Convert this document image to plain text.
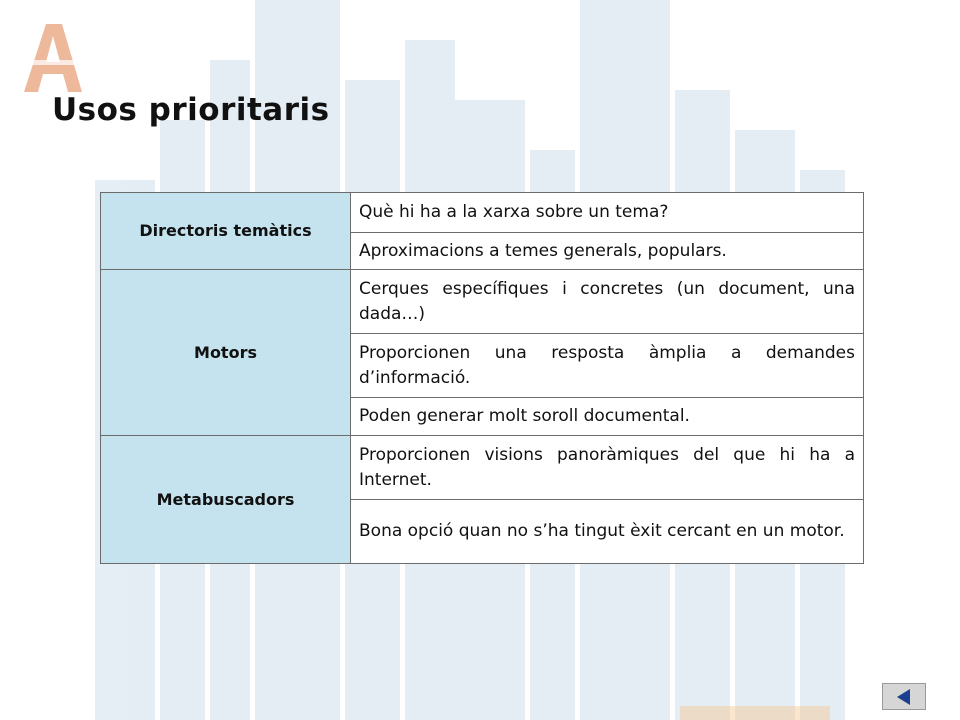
Usos prioritaris
Directoris temàtics	Què hi ha a la xarxa sobre un tema?
	Aproximacions a temes generals, populars.
Motors	Cerques específiques i concretes (un document, una dada…)
	Proporcionen una resposta àmplia a demandes d’informació.
	Poden generar molt soroll documental.
Metabuscadors	Proporcionen visions panoràmiques del que hi ha a Internet.
	Bona opció quan no s’ha tingut èxit cercant en un motor.
